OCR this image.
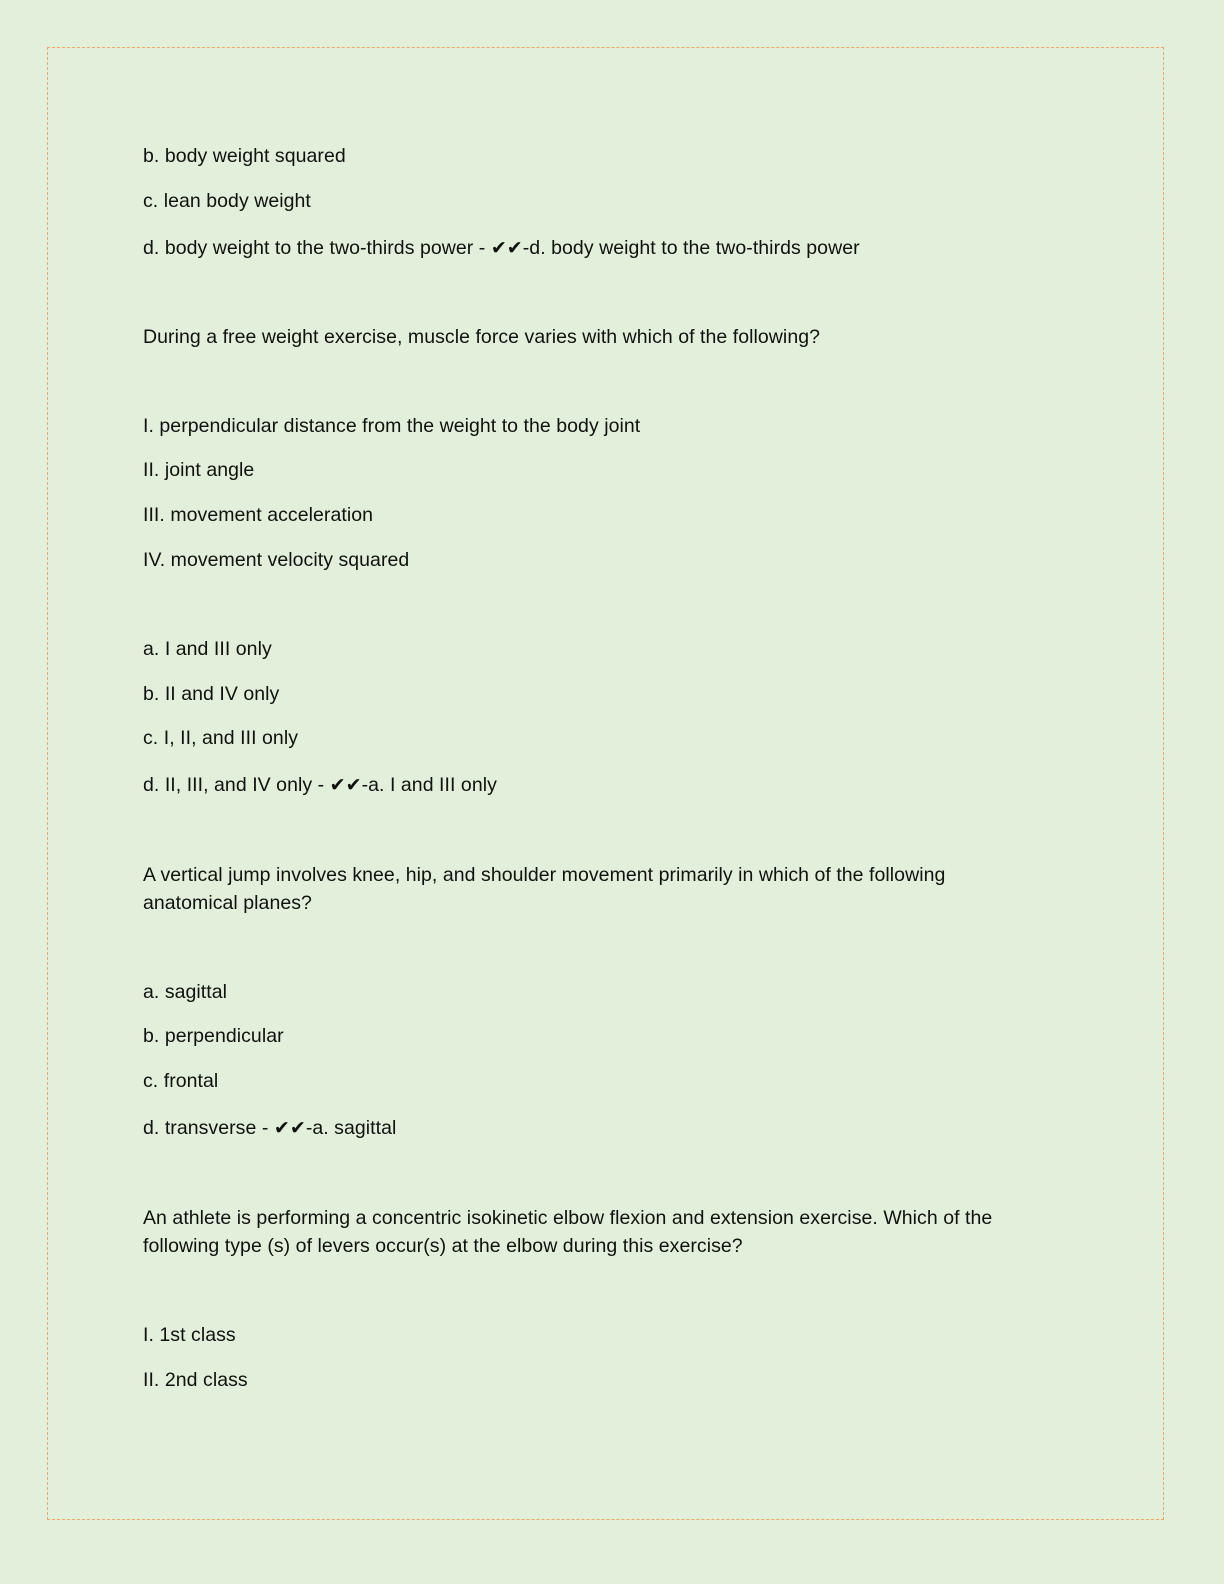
b. body weight squared

c. lean body weight

d. body weight to the two-thirds power - ✔✔-d. body weight to the two-thirds power

During a free weight exercise, muscle force varies with which of the following?

I. perpendicular distance from the weight to the body joint

II. joint angle

III. movement acceleration

IV. movement velocity squared

a. I and III only

b. II and IV only

c. I, II, and III only

d. II, III, and IV only - ✔✔-a. I and III only

A vertical jump involves knee, hip, and shoulder movement primarily in which of the following anatomical planes?

a. sagittal

b. perpendicular

c. frontal

d. transverse - ✔✔-a. sagittal

An athlete is performing a concentric isokinetic elbow flexion and extension exercise. Which of the following type (s) of levers occur(s) at the elbow during this exercise?

I. 1st class

II. 2nd class
